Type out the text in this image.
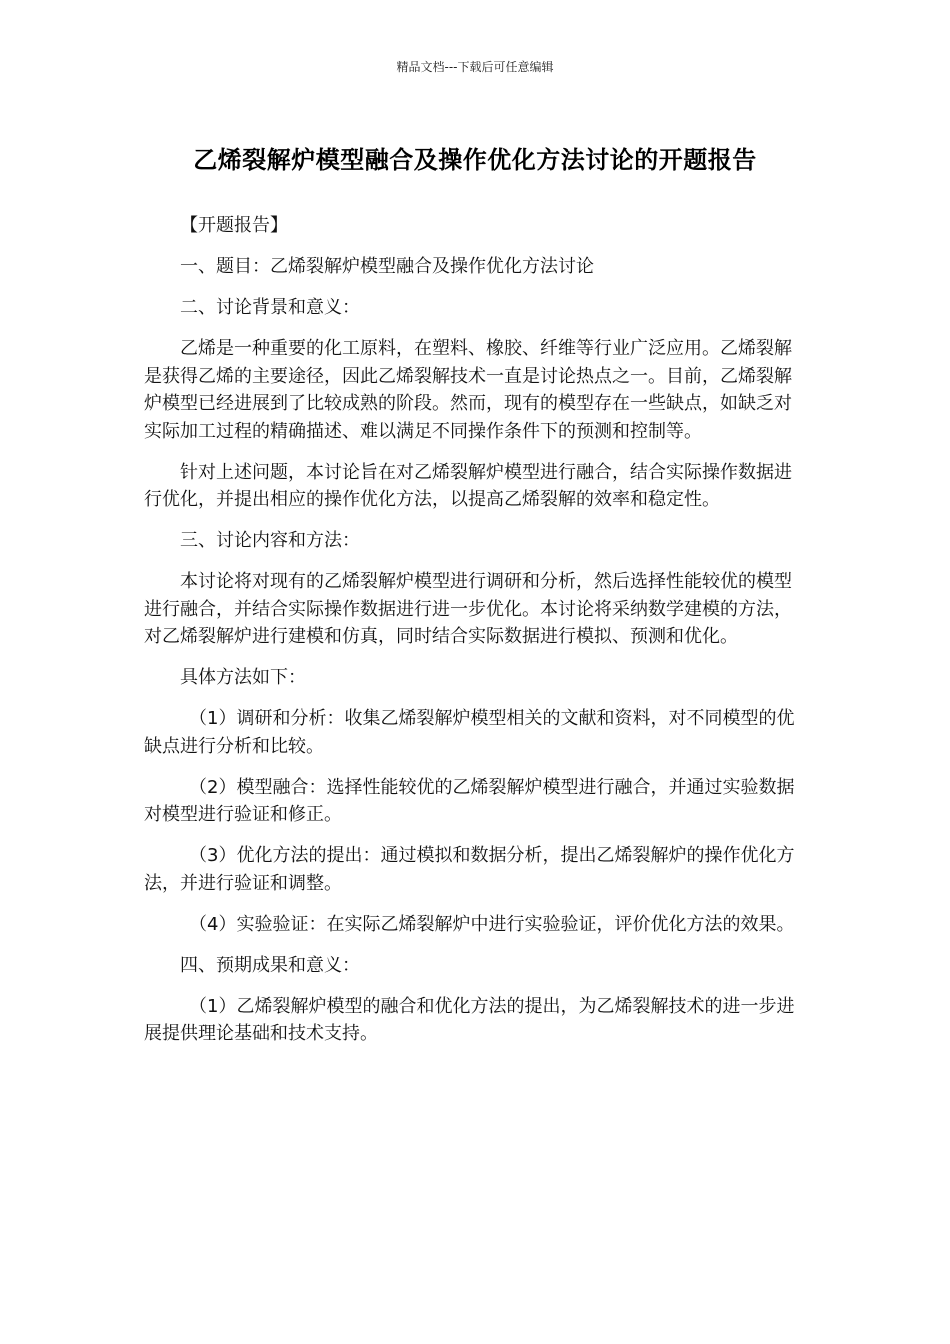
精品文档---下载后可任意编辑
乙烯裂解炉模型融合及操作优化方法讨论的开题报告

【开题报告】

一、题目：乙烯裂解炉模型融合及操作优化方法讨论

二、讨论背景和意义：

乙烯是一种重要的化工原料，在塑料、橡胶、纤维等行业广泛应用。乙烯裂解是获得乙烯的主要途径，因此乙烯裂解技术一直是讨论热点之一。目前，乙烯裂解炉模型已经进展到了比较成熟的阶段。然而，现有的模型存在一些缺点，如缺乏对实际加工过程的精确描述、难以满足不同操作条件下的预测和控制等。

针对上述问题，本讨论旨在对乙烯裂解炉模型进行融合，结合实际操作数据进行优化，并提出相应的操作优化方法，以提高乙烯裂解的效率和稳定性。

三、讨论内容和方法：

本讨论将对现有的乙烯裂解炉模型进行调研和分析，然后选择性能较优的模型进行融合，并结合实际操作数据进行进一步优化。本讨论将采纳数学建模的方法，对乙烯裂解炉进行建模和仿真，同时结合实际数据进行模拟、预测和优化。

具体方法如下：

（1）调研和分析：收集乙烯裂解炉模型相关的文献和资料，对不同模型的优缺点进行分析和比较。

（2）模型融合：选择性能较优的乙烯裂解炉模型进行融合，并通过实验数据对模型进行验证和修正。

（3）优化方法的提出：通过模拟和数据分析，提出乙烯裂解炉的操作优化方法，并进行验证和调整。

（4）实验验证：在实际乙烯裂解炉中进行实验验证，评价优化方法的效果。

四、预期成果和意义：

（1）乙烯裂解炉模型的融合和优化方法的提出，为乙烯裂解技术的进一步进展提供理论基础和技术支持。
